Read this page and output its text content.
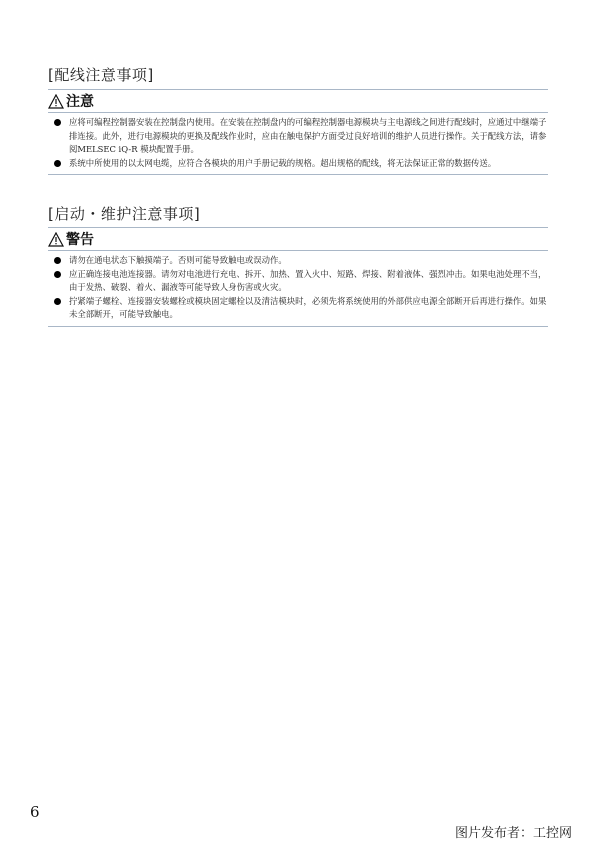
[配线注意事项]
注意
应将可编程控制器安装在控制盘内使用。在安装在控制盘内的可编程控制器电源模块与主电源线之间进行配线时，应通过中继端子排连接。此外，进行电源模块的更换及配线作业时，应由在触电保护方面受过良好培训的维护人员进行操作。关于配线方法，请参阅MELSEC iQ-R 模块配置手册。
系统中所使用的以太网电缆，应符合各模块的用户手册记载的规格。超出规格的配线，将无法保证正常的数据传送。
[启动・维护注意事项]
警告
请勿在通电状态下触摸端子。否则可能导致触电或误动作。
应正确连接电池连接器。请勿对电池进行充电、拆开、加热、置入火中、短路、焊接、附着液体、强烈冲击。如果电池处理不当，由于发热、破裂、着火、漏液等可能导致人身伤害或火灾。
拧紧端子螺栓、连接器安装螺栓或模块固定螺栓以及清洁模块时，必须先将系统使用的外部供应电源全部断开后再进行操作。如果未全部断开，可能导致触电。
6
图片发布者：工控网
